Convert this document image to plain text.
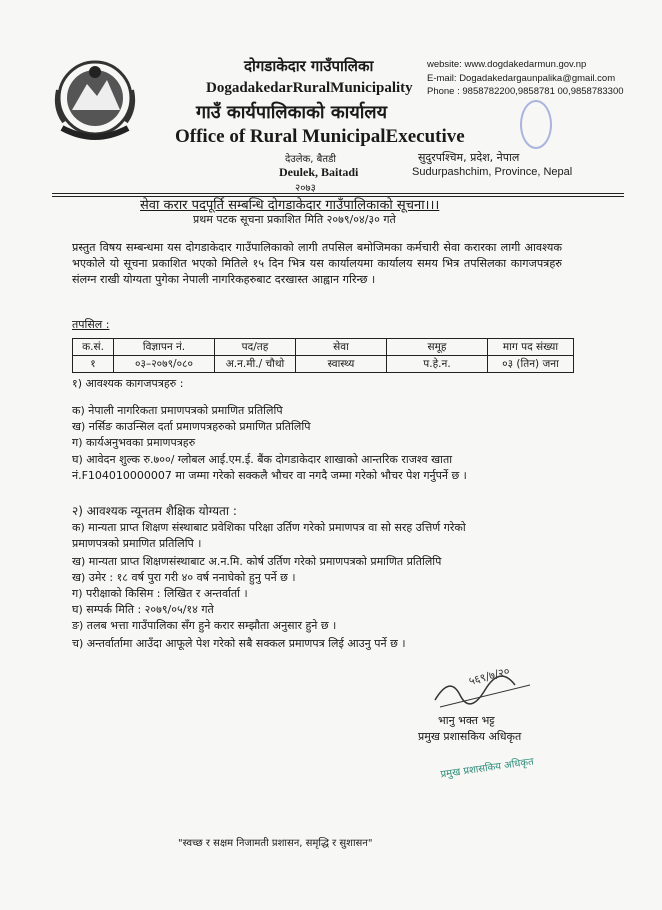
दोगडाकेदार गाउँपालिका
DogadakedarRuralMunicipality
गाउँ कार्यपालिकाको कार्यालय
Office of Rural MunicipalExecutive
website: www.dogdakedarmun.gov.np
E-mail: Dogadakedargaunpalika@gmail.com
Phone : 9858782200,9858781 00,9858783300
देउलेक, बैतडी
Deulek, Baitadi
२०७३
सुदुरपश्चिम, प्रदेश, नेपाल
Sudurpashchim, Province, Nepal
सेवा करार पदपूर्ति सम्बन्धि दोगडाकेदार गाउँपालिकाको सूचना।।।
प्रथम पटक सूचना प्रकाशित मिति २०७९/०४/३० गते
प्रस्तुत विषय सम्बन्धमा यस दोगडाकेदार गाउँपालिकाको लागी तपसिल बमोजिमका कर्मचारी सेवा करारका लागी आवश्यक भएकोले यो सूचना प्रकाशित भएको मितिले १५ दिन भित्र यस कार्यालयमा कार्यालय समय भित्र तपसिलका कागजपत्रहरु संलग्न राखी योग्यता पुगेका नेपाली नागरिकहरुबाट दरखास्त आह्वान गरिन्छ ।
तपसिल :
क.सं.	विज्ञापन नं.	पद/तह	सेवा	समूह	माग पद संख्या
१	०३–२०७९/०८०	अ.न.मी./ चौथो	स्वास्थ्य	प.हे.न.	०३ (तिन) जना
१) आवश्यक कागजपत्रहरु :
क) नेपाली नागरिकता प्रमाणपत्रको प्रमाणित प्रतिलिपि
ख) नर्सिङ काउन्सिल दर्ता प्रमाणपत्रहरुको प्रमाणित प्रतिलिपि
ग) कार्यअनुभवका प्रमाणपत्रहरु
घ) आवेदन शुल्क रु.७००/ ग्लोबल आई.एम.ई. बैंक दोगडाकेदार शाखाको आन्तरिक राजश्व खाता
नं.F104010000007 मा जम्मा गरेको सक्कलै भौचर वा नगदै जम्मा गरेको भौचर पेश गर्नुपर्ने छ ।
२) आवश्यक न्यूनतम शैक्षिक योग्यता :
क) मान्यता प्राप्त शिक्षण संस्थाबाट प्रवेशिका परिक्षा उर्तिण गरेको प्रमाणपत्र वा सो सरह उत्तिर्ण गरेको
प्रमाणपत्रको प्रमाणित प्रतिलिपि ।
ख) मान्यता प्राप्त शिक्षणसंस्थाबाट अ.न.मि. कोर्ष उर्तिण गरेको प्रमाणपत्रको प्रमाणित प्रतिलिपि
ख) उमेर : १८ वर्ष पुरा गरी ४० वर्ष ननाघेको हुनु पर्ने छ ।
ग) परीक्षाको किसिम : लिखित र अन्तर्वार्ता ।
घ) सम्पर्क मिति : २०७९/०५/१४ गते
ङ) तलब भत्ता गाउँपालिका सँग हुने करार सम्झौता अनुसार हुने छ ।
च) अन्तर्वार्तामा आउँदा आफूले पेश गरेको सबै सक्कल प्रमाणपत्र लिई आउनु पर्ने छ ।
५६९/७/२०
भानु भक्त भट्ट
प्रमुख प्रशासकिय अधिकृत
प्रमुख प्रशासकिय अधिकृत
"स्वच्छ र सक्षम निजामती प्रशासन, समृद्धि र सुशासन"
